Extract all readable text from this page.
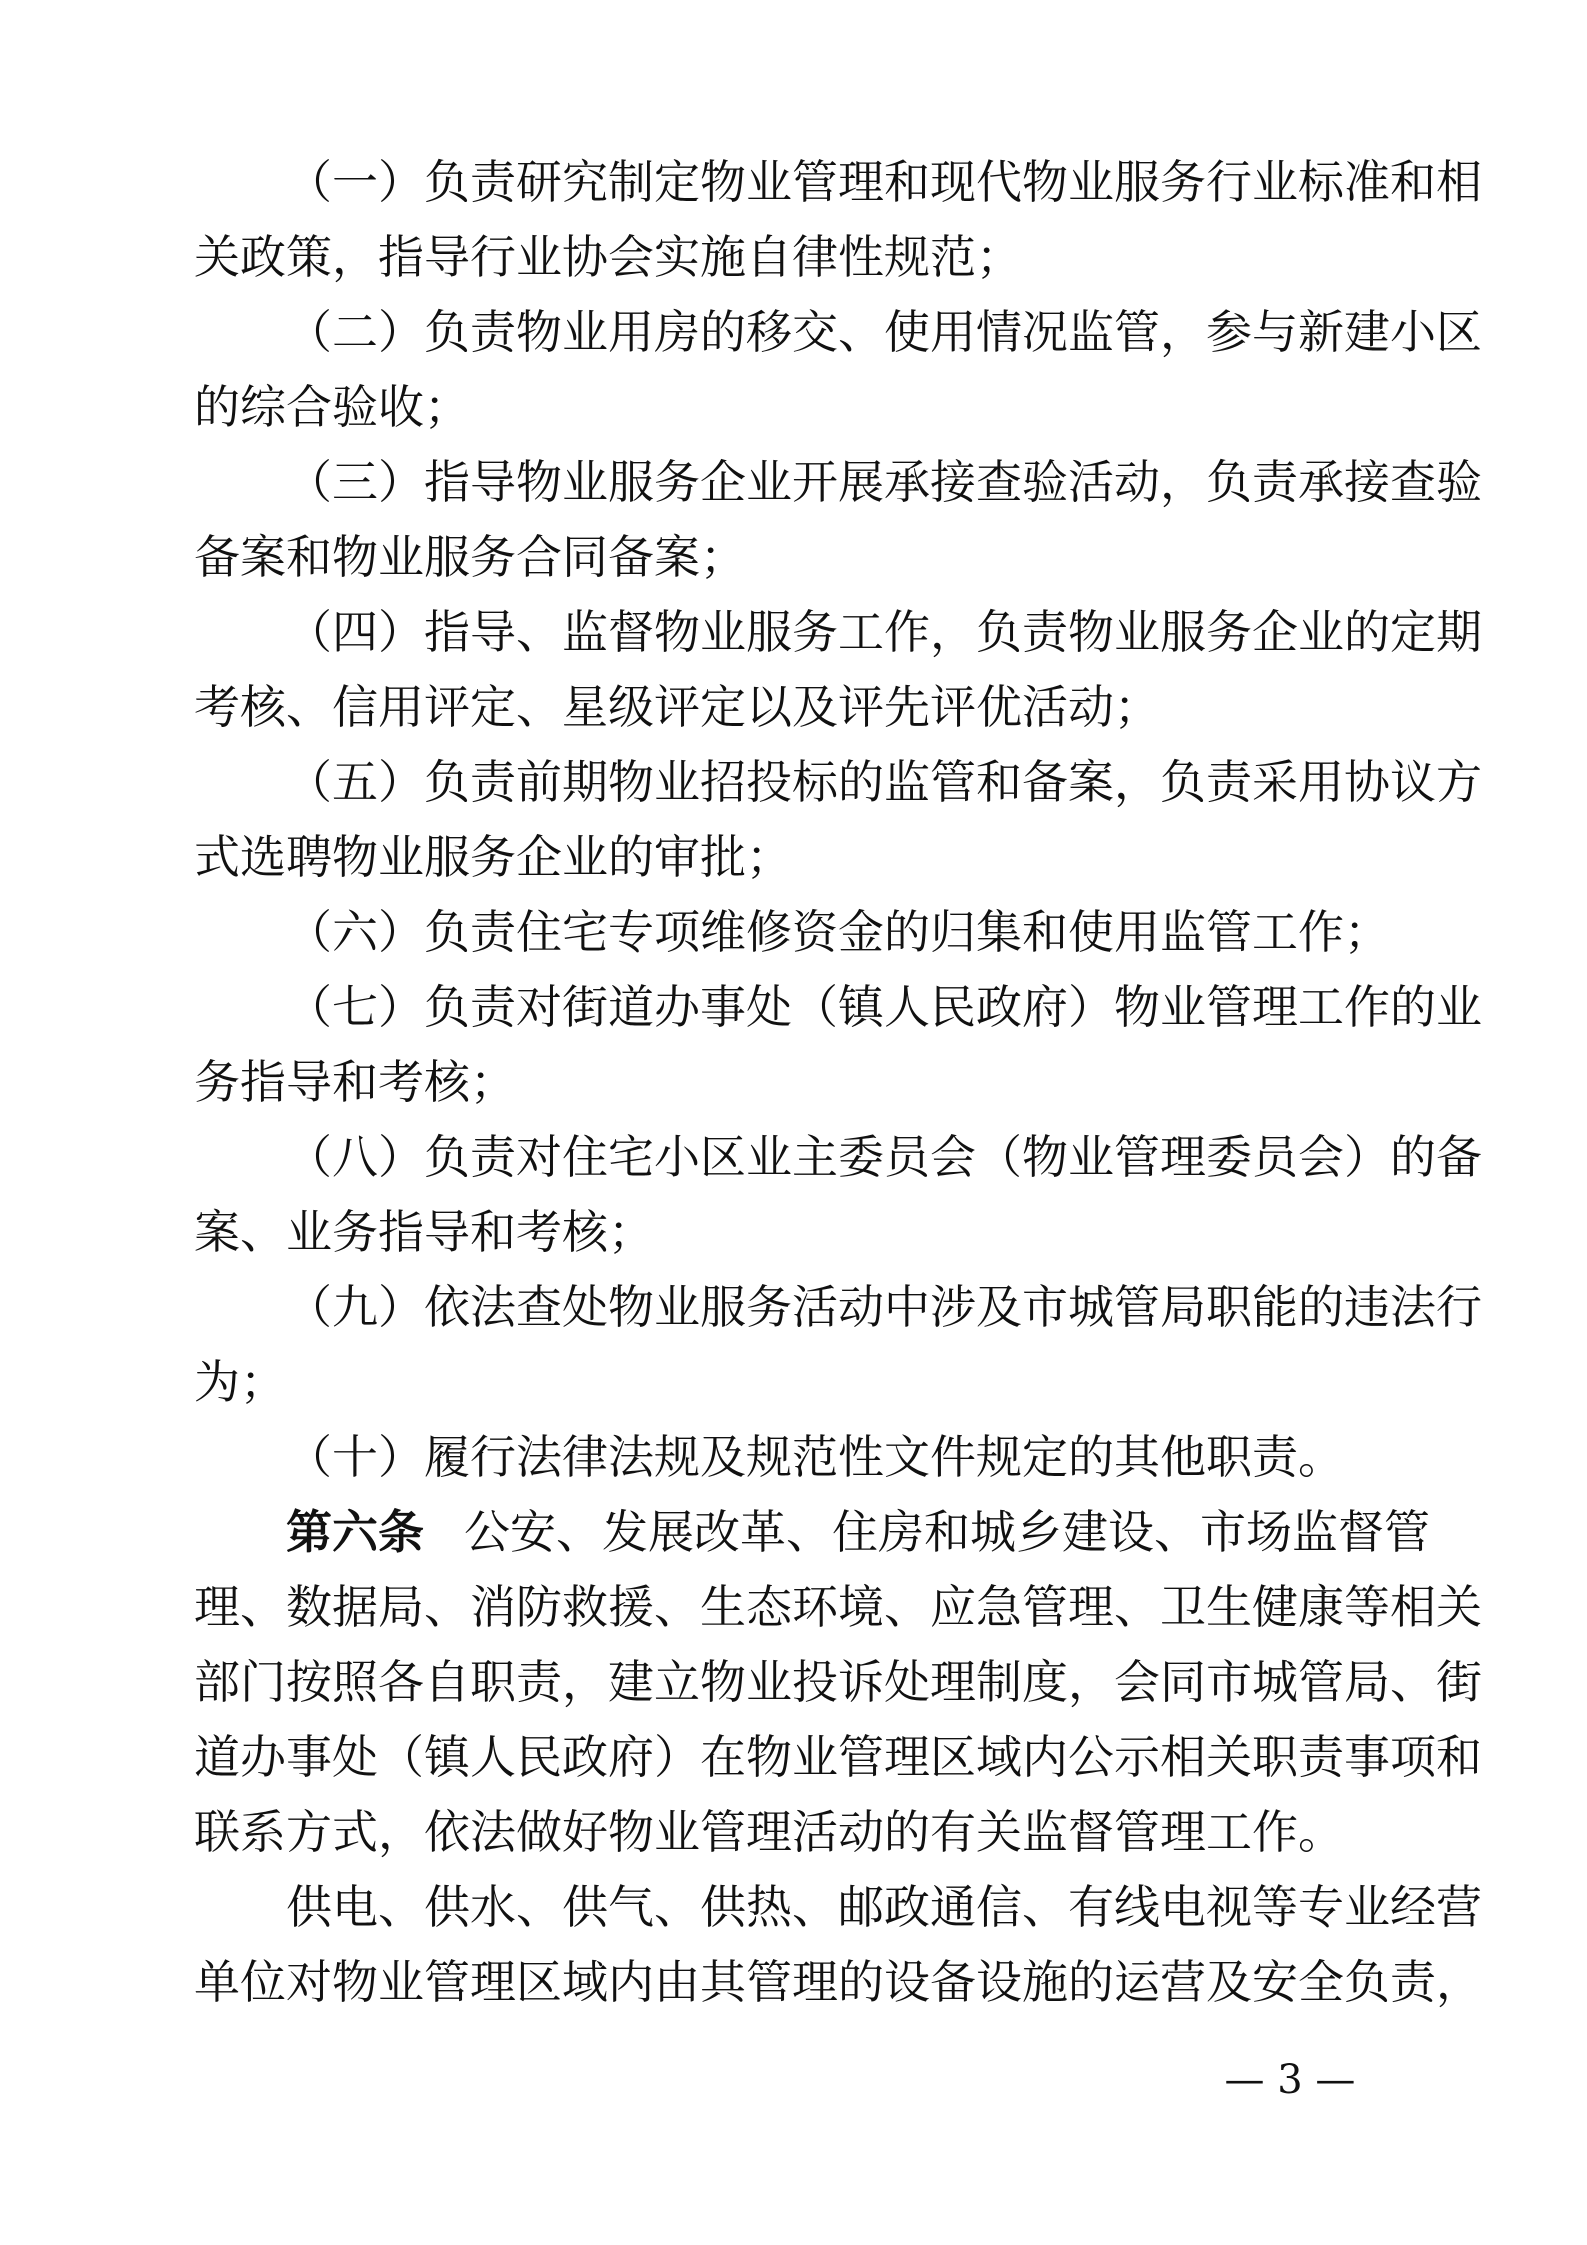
（一）负责研究制定物业管理和现代物业服务行业标准和相
关政策，指导行业协会实施自律性规范；
（二）负责物业用房的移交、使用情况监管，参与新建小区
的综合验收；
（三）指导物业服务企业开展承接查验活动，负责承接查验
备案和物业服务合同备案；
（四）指导、监督物业服务工作，负责物业服务企业的定期
考核、信用评定、星级评定以及评先评优活动；
（五）负责前期物业招投标的监管和备案，负责采用协议方
式选聘物业服务企业的审批；
（六）负责住宅专项维修资金的归集和使用监管工作；
（七）负责对街道办事处（镇人民政府）物业管理工作的业
务指导和考核；
（八）负责对住宅小区业主委员会（物业管理委员会）的备
案、业务指导和考核；
（九）依法查处物业服务活动中涉及市城管局职能的违法行
为；
（十）履行法律法规及规范性文件规定的其他职责。
第六条 公安、发展改革、住房和城乡建设、市场监督管
理、数据局、消防救援、生态环境、应急管理、卫生健康等相关
部门按照各自职责，建立物业投诉处理制度，会同市城管局、街
道办事处（镇人民政府）在物业管理区域内公示相关职责事项和
联系方式，依法做好物业管理活动的有关监督管理工作。
供电、供水、供气、供热、邮政通信、有线电视等专业经营
单位对物业管理区域内由其管理的设备设施的运营及安全负责，
— 3 —
